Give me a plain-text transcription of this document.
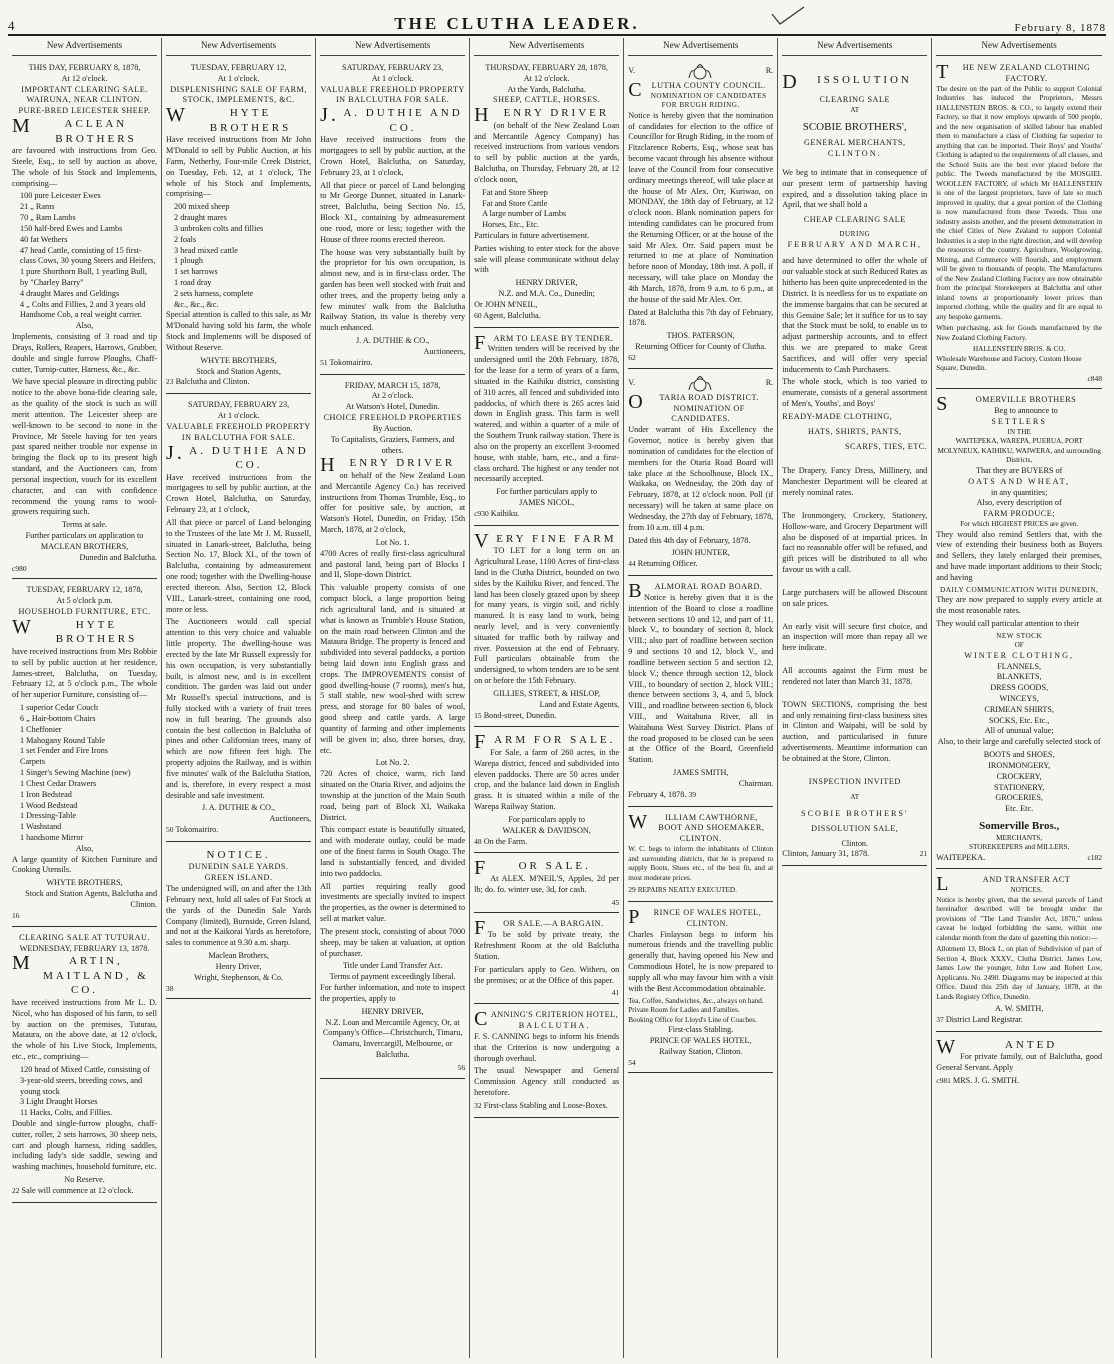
4	THE CLUTHA LEADER.	February 8, 1878
New Advertisements
THIS DAY, FEBRUARY 8, 1878,
At 12 o'clock.
IMPORTANT CLEARING SALE.
WAIRUNA, NEAR CLINTON.
PURE-BRED LEICESTER SHEEP.
MACLEAN BROTHERS

are favoured with instructions from Geo. Steele, Esq., to sell by auction as above, The whole of his Stock and Implements, comprising—

100 pure Leicester Ewes
21 „ Rams
70 „ Ram Lambs
150 half-bred Ewes and Lambs
40 fat Wethers
47 head Cattle, consisting of 15 first-class Cows, 30 young Steers and Heifers, 1 pure Shorthorn Bull, 1 yearling Bull, by "Charley Barry"
4 draught Mares and Geldings
4 „ Colts and Fillies, 2 and 3 years old
Handsome Cob, a real weight carrier.
Also,

Implements, consisting of 3 road and tip Drays, Rollers, Reapers, Harrows, Grubber, double and single furrow Ploughs, Chaff-cutter, Turnip-cutter, Harness, &c., &c.

We have special pleasure in directing public notice to the above bona-fide clearing sale, as the quality of the stock is such as will merit attention. The Leicester sheep are well-known to be second to none in the Province, Mr Steele having for ten years past spared neither trouble nor expense in bringing the flock up to its present high standard, and the Auctioneers can, from personal inspection, vouch for its excellent character, and can with confidence recommend the young rams to wool-growers requiring such.

Terms at sale.
Further particulars on application to
MACLEAN BROTHERS,
Dunedin and Balclutha.
c980
TUESDAY, FEBRUARY 12, 1878,
At 5 o'clock p.m.
HOUSEHOLD FURNITURE, ETC.
WHYTE BROTHERS

have received instructions from Mrs Robbie to sell by public auction at her residence, James-street, Balclutha, on Tuesday, February 12, at 5 o'clock p.m., The whole of her superior Furniture, consisting of—

1 superior Cedar Couch
6 „ Hair-bottom Chairs
1 Cheffonier
1 Mahogany Round Table
1 set Fender and Fire Irons
Carpets
1 Singer's Sewing Machine (new)
1 Chest Cedar Drawers
1 Iron Bedstead
1 Wood Bedstead
1 Dressing-Table
1 Washstand
1 handsome Mirror
Also,

A large quantity of Kitchen Furniture and Cooking Utensils.

WHYTE BROTHERS,
Stock and Station Agents, Balclutha and Clinton.
16
CLEARING SALE AT TUTURAU.
WEDNESDAY, FEBRUARY 13, 1878.
MARTIN, MAITLAND, & CO.

have received instructions from Mr L. D. Nicol, who has disposed of his farm, to sell by auction on the premises, Tuturau, Mataura, on the above date, at 12 o'clock, the whole of his Live Stock, Implements, etc., etc., comprising—

120 head of Mixed Cattle, consisting of 3-year-old steers, breeding cows, and young stock
3 Light Draught Horses
11 Hacks, Colts, and Fillies.

Double and single-furrow ploughs, chaff-cutter, roller, 2 sets harrows, 30 sheep nets, cart and plough harness, riding saddles, including lady's side saddle, sewing and washing machines, household furniture, etc.

No Reserve.
22 Sale will commence at 12 o'clock.
New Advertisements
TUESDAY, FEBRUARY 12,
At 1 o'clock.
DISPLENISHING SALE OF FARM, STOCK, IMPLEMENTS, &C.
WHYTE BROTHERS

Have received instructions from Mr John M'Donald to sell by Public Auction, at his Farm, Netherby, Four-mile Creek District, on Tuesday, Feb. 12, at 1 o'clock, The whole of his Stock and Implements, comprising—

200 mixed sheep
2 draught mares
3 unbroken colts and fillies
2 foals
3 head mixed cattle
1 plough
1 set harrows
1 road dray
2 sets harness, complete
&c., &c., &c.

Special attention is called to this sale, as Mr M'Donald having sold his farm, the whole Stock and Implements will be disposed of Without Reserve.

WHYTE BROTHERS,
Stock and Station Agents,
23 Balclutha and Clinton.
SATURDAY, FEBRUARY 23,
At 1 o'clock.
VALUABLE FREEHOLD PROPERTY IN BALCLUTHA FOR SALE.
J.A. DUTHIE AND CO.

Have received instructions from the mortgagees to sell by public auction, at the Crown Hotel, Balclutha, on Saturday, February 23, at 1 o'clock,

All that piece or parcel of Land belonging to the Trustees of the late Mr J. M. Russell, situated in Lanark-street, Balclutha, being Section No. 17, Block XI., of the town of Balclutha, containing by admeasurement one rood; together with the Dwelling-house erected thereon. Also, Section 12, Block VIII., Lanark-street, containing one rood, more or less.

The Auctioneers would call special attention to this very choice and valuable little property. The dwelling-house was erected by the late Mr Russell expressly for his own occupation, is very substantially built, is almost new, and is in excellent condition. The garden was laid out under Mr Russell's special instructions, and is fully stocked with a variety of fruit trees now in full bearing. The grounds also contain the best collection in Balclutha of pines and other Californian trees, many of which are now fifteen feet high. The property adjoins the Railway, and is within five minutes' walk of the Balclutha Station, and is, therefore, in every respect a most desirable and safe investment.

J. A. DUTHIE & CO.,
Auctioneers,
50 Tokomairiro.
NOTICE.
DUNEDIN SALE YARDS.
GREEN ISLAND.

The undersigned will, on and after the 13th February next, hold all sales of Fat Stock at the yards of the Dunedin Sale Yards Company (limited), Burnside, Green Island, and not at the Kaikorai Yards as heretofore, sales to commence at 9.30 a.m. sharp.

Maclean Brothers,
Henry Driver,
Wright, Stephenson, & Co.
38
New Advertisements
SATURDAY, FEBRUARY 23,
At 1 o'clock.
VALUABLE FREEHOLD PROPERTY IN BALCLUTHA FOR SALE.
J.A. DUTHIE AND CO.

Have received instructions from the mortgagees to sell by public auction, at the Crown Hotel, Balclutha, on Saturday, February 23, at 1 o'clock,

All that piece or parcel of Land belonging to Mr George Dunnet, situated in Lanark-street, Balclutha, being Section No. 15, Block XI., containing by admeasurement one rood, more or less; together with the House of three rooms erected thereon.

The house was very substantially built by the proprietor for his own occupation, is almost new, and is in first-class order. The garden has been well stocked with fruit and other trees, and the property being only a few minutes' walk from the Balclutha Railway Station, its value is thereby very much enhanced.

J. A. DUTHIE & CO.,
Auctioneers,
51 Tokomairiro.
FRIDAY, MARCH 15, 1878,
At 2 o'clock.
At Watson's Hotel, Dunedin.
CHOICE FREEHOLD PROPERTIES
By Auction.
To Capitalists, Graziers, Farmers, and others.
HENRY DRIVER

on behalf of the New Zealand Loan and Mercantile Agency Co.) has received instructions from Thomas Trumble, Esq., to offer for positive sale, by auction, at Watson's Hotel, Dunedin, on Friday, 15th March, 1878, at 2 o'clock,

Lot No. 1.

4700 Acres of really first-class agricultural and pastoral land, being part of Blocks I and II, Slope-down District.

This valuable property consists of one compact block, a large proportion being rich agricultural land, and is situated at what is known as Trumble's House Station, on the main road between Clinton and the Mataura Bridge. The property is fenced and subdivided into several paddocks, a portion being laid down into English grass and crops. The IMPROVEMENTS consist of good dwelling-house (7 rooms), men's hut, 5 stall stable, new wool-shed with screw press, and storage for 80 bales of wool, good sheep and cattle yards. A large quantity of farming and other implements will be given in; also, three horses, dray, etc.

Lot No. 2.

720 Acres of choice, warm, rich land situated on the Otaria River, and adjoins the township at the junction of the Main South road, being part of Block XI, Waikaka District.

This compact estate is beautifully situated, and with moderate outlay, could be made one of the finest farms in South Otago. The land is substantially fenced, and divided into two paddocks.

All parties requiring really good investments are specially invited to inspect the properties, as the owner is determined to sell at market value.

The present stock, consisting of about 7000 sheep, may be taken at valuation, at option of purchaser.

Title under Land Transfer Act.
Terms of payment exceedingly liberal.

For further information, and note to inspect the properties, apply to

HENRY DRIVER,

N.Z. Loan and Mercantile Agency, Or, at Company's Office—Christchurch, Timaru, Oamaru, Invercargill, Melbourne, or Balclutha.

56
New Advertisements
THURSDAY, FEBRUARY 28, 1878,
At 12 o'clock.
At the Yards, Balclutha.
SHEEP, CATTLE, HORSES.
HENRY DRIVER

(on behalf of the New Zealand Loan and Mercantile Agency Company) has received instructions from various vendors to sell by public auction at the yards, Balclutha, on Thursday, February 28, at 12 o'clock noon,

Fat and Store Sheep
Fat and Store Cattle
A large number of Lambs
Horses, Etc., Etc.

Particulars in future advertisement.

Parties wishing to enter stock for the above sale will please communicate without delay with

HENRY DRIVER,
N.Z. and M.A. Co., Dunedin;
Or JOHN M'NEIL,
60 Agent, Balclutha.
FARM TO LEASE BY TENDER.

Written tenders will be received by the undersigned until the 20th February, 1878, for the lease for a term of years of a farm, situated in the Kaihiku district, consisting of 310 acres, all fenced and subdivided into paddocks, of which there is 265 acres laid down in English grass. This farm is well watered, and within a quarter of a mile of the Southern Trunk railway station. There is also on the property an excellent 3-roomed house, with stable, barn, etc., and a first-class orchard. The highest or any tender not necessarily accepted.

For further particulars apply to
JAMES NICOL,
c930 Kaihiku.
VERY FINE FARM

TO LET for a long term on an Agricultural Lease, 1100 Acres of first-class land in the Clutha District, bounded on two sides by the Kaihiku River, and fenced. The land has been closely grazed upon by sheep for many years, is virgin soil, and richly manured. It is easy land to work, being nearly level, and is very conveniently situated for traffic both by railway and river. Possession at the end of February. Full particulars obtainable from the undersigned, to whom tenders are to be sent on or before the 15th February.

GILLIES, STREET, & HISLOP,
Land and Estate Agents,
15 Bond-street, Dunedin.
FARM FOR SALE.

For Sale, a farm of 260 acres, in the Warepa district, fenced and subdivided into eleven paddocks. There are 50 acres under crop, and the balance laid down in English grass. It is situated within a mile of the Warepa Railway Station.

For particulars apply to
WALKER & DAVIDSON,
48 On the Farm.
FOR SALE.

At ALEX. M'NEIL'S, Apples, 2d per lb; do. fo. winter use, 3d, for cash.

45
FOR SALE.—A BARGAIN.

To be sold by private treaty, the Refreshment Room at the old Balclutha Station.

For particulars apply to Geo. Withers, on the premises; or at the Office of this paper.

41
CANNING'S CRITERION HOTEL,
BALCLUTHA.

F. S. CANNING begs to inform his friends that the Criterion is now undergoing a thorough overhaul.

The usual Newspaper and General Commission Agency still conducted as heretofore.

32 First-class Stabling and Loose-Boxes.
New Advertisements
V.	R.
CLUTHA COUNTY COUNCIL.
NOMINATION OF CANDIDATES FOR BRUGH RIDING.

Notice is hereby given that the nomination of candidates for election to the office of Councillor for Brugh Riding, in the room of Fitzclarence Roberts, Esq., whose seat has become vacant through his absence without leave of the Council from four consecutive ordinary meetings thereof, will take place at the house of Mr Alex. Orr, Kuriwao, on MONDAY, the 18th day of February, at 12 o'clock noon. Blank nomination papers for intending candidates can be procured from the Returning Officer, or at the house of the said Mr Alex. Orr. Said papers must be returned to me at place of Nomination before noon of Monday, 18th inst. A poll, if necessary, will take place on Monday the 4th March, 1878, from 9 a.m. to 6 p.m., at the house of the said Mr Alex. Orr.

Dated at Balclutha this 7th day of February, 1878.

THOS. PATERSON,
Returning Officer for County of Clutha.
62
V.	R.
OTARIA ROAD DISTRICT.
NOMINATION OF CANDIDATES.

Under warrant of His Excellency the Governor, notice is hereby given that nomination of candidates for the election of members for the Otaria Road Board will take place at the Schoolhouse, Block IX., Waikaka, on Wednesday, the 20th day of February, 1878, at 12 o'clock noon. Poll (if necessary) will be taken at same place on Wednesday, the 27th day of February, 1878, from 10 a.m. till 4 p.m.

Dated this 4th day of February, 1878.

JOHN HUNTER,
44 Returning Officer.
BALMORAL ROAD BOARD.

Notice is hereby given that it is the intention of the Board to close a roadline between sections 10 and 12, and part of 11, block V., to boundary of section 8, block VIII.; also part of roadline between section 9 and sections 10 and 12, block V., and roadline between section 5 and section 12, block V.; thence through section 12, block VIII., to boundary of section 2, block VIII.; thence between sections 3, 4, and 5, block VIII., and roadline between section 6, block VIII., and Waitahuna River, all in Waitahuna West Survey District. Plans of the road proposed to be closed can be seen at the Office of the Board, Greenfield Station.

JAMES SMITH,
Chairman.
February 4, 1878. 39
WILLIAM CAWTHORNE,
BOOT AND SHOEMAKER,
CLINTON.

W. C. begs to inform the inhabitants of Clinton and surrounding districts, that he is prepared to supply Boots, Shoes etc., of the best fit, and at most moderate prices.

29 REPAIRS NEATLY EXECUTED.
PRINCE OF WALES HOTEL,
CLINTON.

Charles Finlayson begs to inform his numerous friends and the travelling public generally that, having opened his New and Commodious Hotel, he is now prepared to supply all who may favour him with a visit with the Best Accommodation obtainable.

Tea, Coffee, Sandwiches, &c., always on hand.
Private Room for Ladies and Families.
Booking Office for Lloyd's Line of Coaches.
First-class Stabling.
PRINCE OF WALES HOTEL,
Railway Station, Clinton.
54
New Advertisements
DISSOLUTION
CLEARING SALE
AT
SCOBIE BROTHERS',
GENERAL MERCHANTS,
CLINTON.

We beg to intimate that in consequence of our present term of partnership having expired, and a dissolution taking place in April, that we shall hold a

CHEAP CLEARING SALE
DURING
FEBRUARY AND MARCH,

and have determined to offer the whole of our valuable stock at such Reduced Rates as hitherto has been quite unprecedented in the District. It is needless for us to expatiate on the immense bargains that can be secured at this Genuine Sale; let it suffice for us to say that the Stock must be sold, to enable us to adjust partnership accounts, and to effect this we are prepared to make Great Sacrifices, and will offer very special inducements to Cash Purchasers.

The whole stock, which is too varied to enumerate, consists of a general assortment of Men's, Youths', and Boys'

READY-MADE CLOTHING,
HATS, SHIRTS, PANTS,
SCARFS, TIES, ETC.

The Drapery, Fancy Dress, Millinery, and Manchester Department will be cleared at merely nominal rates.

The Ironmongery, Crockery, Stationery, Hollow-ware, and Grocery Department will also be disposed of at impartial prices. In fact no reasonable offer will be refused, and gift prices will be distributed to all who favour us with a call.

Large purchasers will be allowed Discount on sale prices.

An early visit will secure first choice, and an inspection will more than repay all we here indicate.

All accounts against the Firm must be rendered not later than March 31, 1878.

TOWN SECTIONS, comprising the best and only remaining first-class business sites in Clinton and Waipahi, will be sold by auction, and particularised in future advertisements. Meantime information can be obtained at the Store, Clinton.

INSPECTION INVITED
AT
SCOBIE BROTHERS'
DISSOLUTION SALE,
Clinton.
Clinton, January 31, 1878.	21
New Advertisements
THE NEW ZEALAND CLOTHING FACTORY.

The desire on the part of the Public to support Colonial Industries has induced the Proprietors, Messrs HALLENSTEIN BROS. & CO., to largely extend their Factory, so that it now employs upwards of 500 people, and the new organisation of skilled labour has enabled them to manufacture a class of Clothing far superior to anything that can be imported. Their Boys' and Youths' Clothing is adapted to the requirements of all classes, and the School Suits are the best ever placed before the public. The Tweeds manufactured by the MOSGIEL WOOLLEN FACTORY, of which Mr HALLENSTEIN is one of the largest proprietors, have of late so much improved in quality, that a great portion of the Clothing is now manufactured from these Tweeds. Thus one industry assists another, and the present demonstration in the chief Cities of New Zealand to support Colonial Industries is a step in the right direction, and will develop the resources of the country. Agriculture, Woolgrowing, Mining, and Commerce will flourish, and employment will be given to thousands of people. The Manufactures of the New Zealand Clothing Factory are now obtainable from the principal Storekeepers at Balclutha and other inland towns at proportionately lower prices than imported clothing, while the quality and fit are equal to any bespoke garments.

When purchasing, ask for Goods manufactured by the New Zealand Clothing Factory.

HALLENSTEIN BROS. & CO.
Wholesale Warehouse and Factory, Custom House Square, Dunedin.
c848
SOMERVILLE BROTHERS
Beg to announce to
SETTLERS
IN THE
WAITEPEKA, WAREPA, PUERUA, PORT MOLYNEUX, KAIHIKU, WAIWERA, and surrounding Districts,
That they are BUYERS of
OATS AND WHEAT,
in any quantities;
Also, every description of
FARM PRODUCE;
For which HIGHEST PRICES are given.

They would also remind Settlers that, with the view of extending their business both as Buyers and Sellers, they lately enlarged their premises, and have made important additions to their Stock; and having

DAILY COMMUNICATION WITH DUNEDIN,

They are now prepared to supply every article at the most reasonable rates.

They would call particular attention to their

NEW STOCK
OF
WINTER CLOTHING,
FLANNELS,
BLANKETS,
DRESS GOODS,
WINCEYS,
CRIMEAN SHIRTS,
SOCKS, Etc. Etc.,
All of unusual value;

Also, to their large and carefully selected stock of

BOOTS and SHOES,
IRONMONGERY,
CROCKERY,
STATIONERY,
GROCERIES,
Etc. Etc.
Somerville Bros.,
MERCHANTS,
STOREKEEPERS and MILLERS,
WAITEPEKA.	c182
LAND TRANSFER ACT
NOTICES.

Notice is hereby given, that the several parcels of Land hereinafter described will be brought under the provisions of "The Land Transfer Act, 1870," unless caveat be lodged forbidding the same, within one calendar month from the date of gazetting this notice:—

Allotment 13, Block I., on plan of Subdivision of part of Section 4, Block XXXV., Clutha District. James Low, James Low the younger, John Low and Robert Low, Applicants. No. 2490. Diagrams may be inspected at this Office. Dated this 25th day of January, 1878, at the Lands Registry Office, Dunedin.

A. W. SMITH,
37 District Land Registrar.
WANTED

For private family, out of Balclutha, good General Servant. Apply

c981 MRS. J. G. SMITH.
